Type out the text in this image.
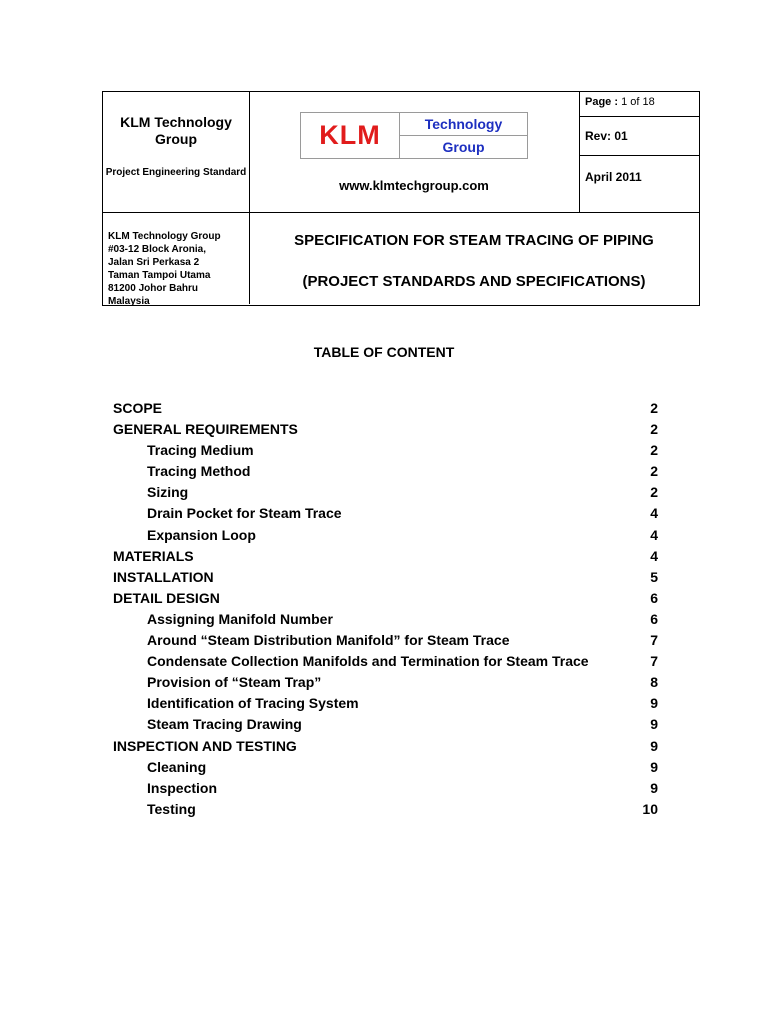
KLM Technology Group
Project Engineering Standard
KLM	Technology
Group
www.klmtechgroup.com
Page : 1 of 18
Rev: 01
April 2011
KLM Technology Group
#03-12 Block Aronia,
Jalan Sri Perkasa 2
Taman Tampoi Utama
81200 Johor Bahru
Malaysia
SPECIFICATION FOR STEAM TRACING OF PIPING
(PROJECT STANDARDS AND SPECIFICATIONS)
TABLE OF CONTENT
SCOPE	2
GENERAL REQUIREMENTS	2
Tracing Medium	2
Tracing Method	2
Sizing	2
Drain Pocket for Steam Trace	4
Expansion Loop	4
MATERIALS	4
INSTALLATION	5
DETAIL DESIGN	6
Assigning Manifold Number	6
Around “Steam Distribution Manifold” for Steam Trace	7
Condensate Collection Manifolds and Termination for Steam Trace	7
Provision of “Steam Trap”	8
Identification of Tracing System	9
Steam Tracing Drawing	9
INSPECTION AND TESTING	9
Cleaning	9
Inspection	9
Testing	10
